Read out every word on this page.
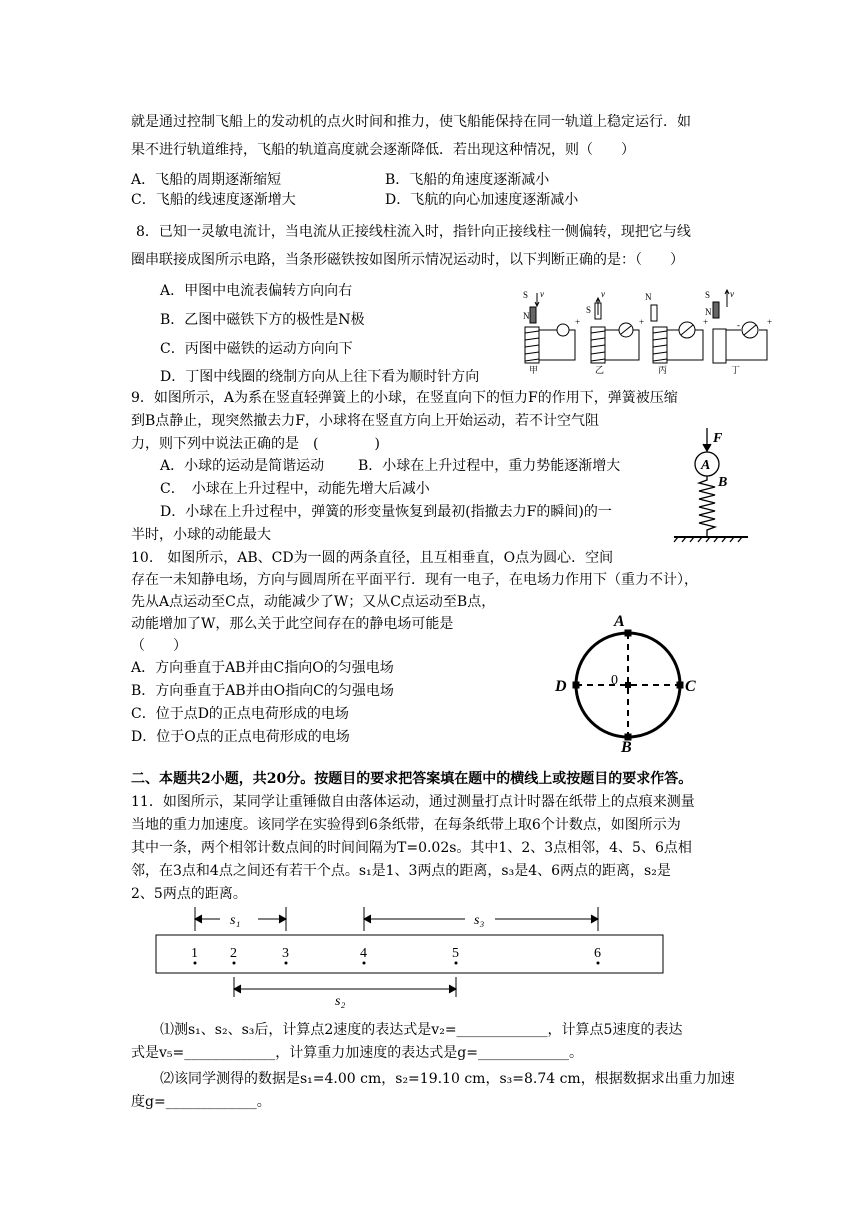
就是通过控制飞船上的发动机的点火时间和推力，使飞船能保持在同一轨道上稳定运行．如
果不进行轨道维持，飞船的轨道高度就会逐渐降低．若出现这种情况，则（　　）
A．飞船的周期逐渐缩短	B．飞船的角速度逐渐减小
C．飞船的线速度逐渐增大	D．飞航的向心加速度逐渐减小
8．已知一灵敏电流计，当电流从正接线柱流入时，指针向正接线柱一侧偏转，现把它与线
圈串联接成图所示电路，当条形磁铁按如图所示情况运动时，以下判断正确的是：（　　）
A．甲图中电流表偏转方向向右
B．乙图中磁铁下方的极性是N极
C．丙图中磁铁的运动方向向下
D．丁图中线圈的绕制方向从上往下看为顺时针方向
S
N
v
+
v
S
+
N
+
S
N
v
-	+
甲	乙	丙	丁
9．如图所示，A为系在竖直轻弹簧上的小球，在竖直向下的恒力F的作用下，弹簧被压缩
到B点静止，现突然撤去力F，小球将在竖直方向上开始运动，若不计空气阻
力，则下列中说法正确的是　(　　　　)
A．小球的运动是简谐运动 B．小球在上升过程中，重力势能逐渐增大
C．　小球在上升过程中，动能先增大后减小
D．小球在上升过程中，弹簧的形变量恢复到最初(指撤去力F的瞬间)的一
半时，小球的动能最大
F
A
B
10.　如图所示，AB、CD为一圆的两条直径，且互相垂直，O点为圆心．空间
存在一未知静电场，方向与圆周所在平面平行．现有一电子，在电场力作用下（重力不计），
先从A点运动至C点，动能减少了W；又从C点运动至B点，
动能增加了W，那么关于此空间存在的静电场可能是
（　　）
A．方向垂直于AB并由C指向O的匀强电场
B．方向垂直于AB并由O指向C的匀强电场
C．位于点D的正点电荷形成的电场
D．位于O点的正点电荷形成的电场
A
B
C
D	0
二、本题共2小题，共20分。按题目的要求把答案填在题中的横线上或按题目的要求作答。
11．如图所示，某同学让重锤做自由落体运动，通过测量打点计时器在纸带上的点痕来测量
当地的重力加速度。该同学在实验得到6条纸带，在每条纸带上取6个计数点，如图所示为
其中一条，两个相邻计数点间的时间间隔为T=0.02s。其中1、2、3点相邻，4、5、6点相
邻，在3点和4点之间还有若干个点。s₁是1、3两点的距离，s₃是4、6两点的距离，s₂是
2、5两点的距离。
1 2	3	4	5	6
s₁	s₃
s₂
⑴测s₁、s₂、s₃后，计算点2速度的表达式是v₂=_____________，计算点5速度的表达
式是v₅=_____________，计算重力加速度的表达式是g=_____________。
⑵该同学测得的数据是s₁=4.00 cm，s₂=19.10 cm，s₃=8.74 cm，根据数据求出重力加速
度g=_____________。
